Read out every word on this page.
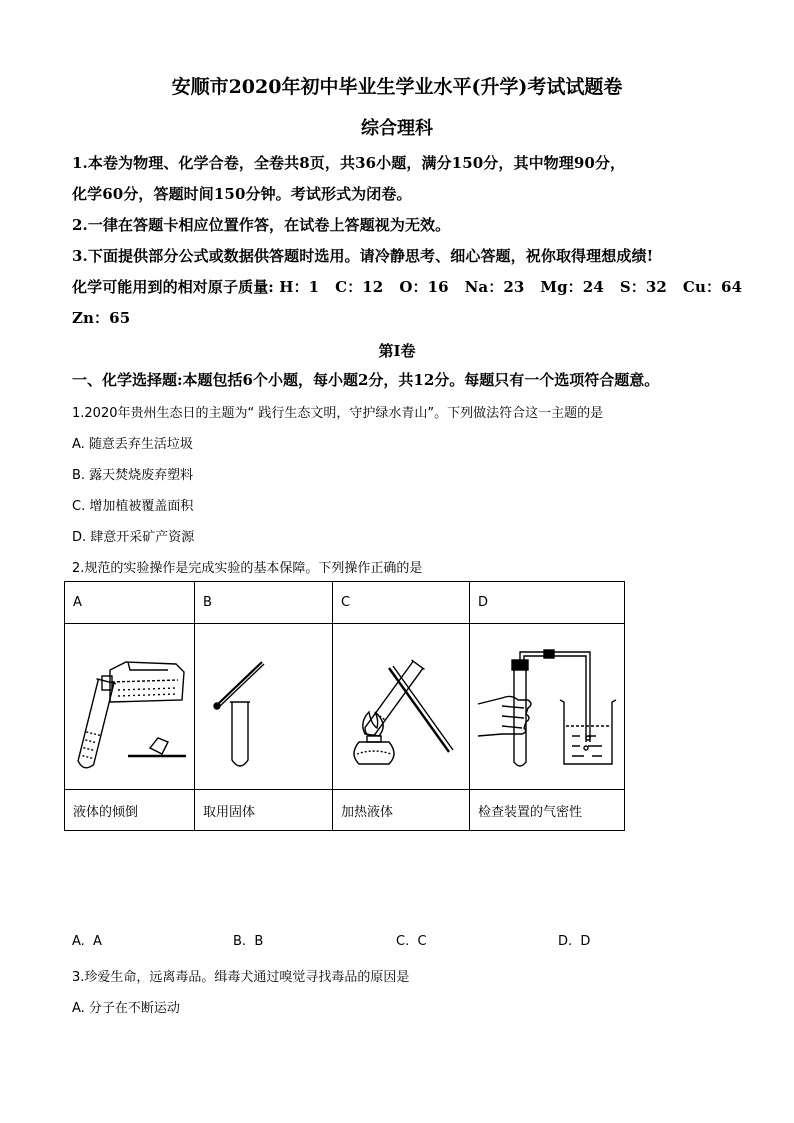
安顺市2020年初中毕业生学业水平(升学)考试试题卷
综合理科
1.本卷为物理、化学合卷，全卷共8页，共36小题，满分150分，其中物理90分，
化学60分，答题时间150分钟。考试形式为闭卷。
2.一律在答题卡相应位置作答，在试卷上答题视为无效。
3.下面提供部分公式或数据供答题时选用。请冷静思考、细心答题，祝你取得理想成绩!
化学可能用到的相对原子质量: H：1   C：12   O：16   Na：23   Mg：24   S：32   Cu：64
Zn：65
第I卷
一、化学选择题:本题包括6个小题，每小题2分，共12分。每题只有一个选项符合题意。
1.2020年贵州生态日的主题为“ 践行生态文明，守护绿水青山”。下列做法符合这一主题的是
A. 随意丢弃生活垃圾
B. 露天焚烧废弃塑料
C. 增加植被覆盖面积
D. 肆意开采矿产资源
2.规范的实验操作是完成实验的基本保障。下列操作正确的是
A	B	C	D

液体的倾倒	取用固体	加热液体	检查装置的气密性
A.  A	B.  B	C.  C	D.  D
3.珍爱生命，远离毒品。缉毒犬通过嗅觉寻找毒品的原因是
A. 分子在不断运动
